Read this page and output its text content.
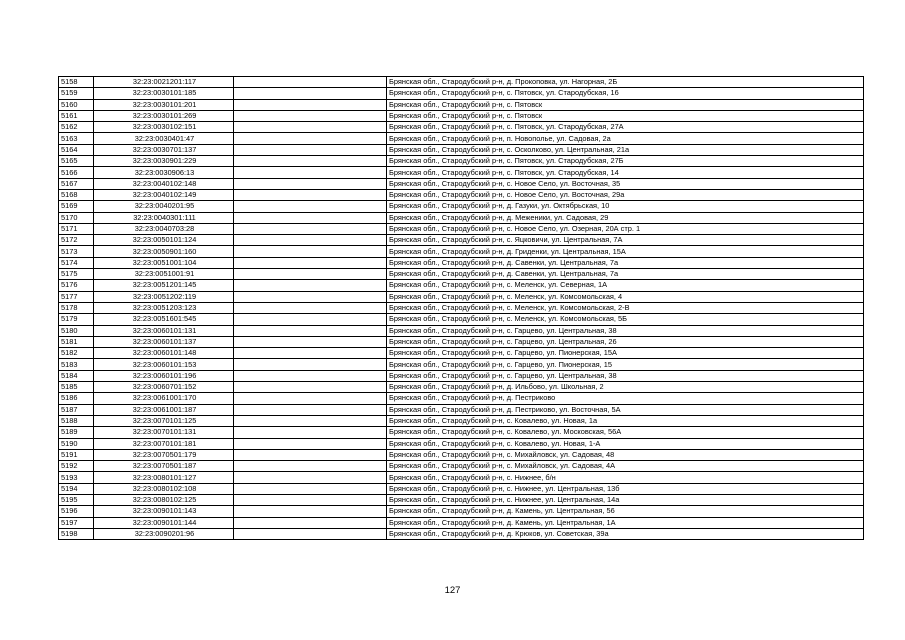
5158	32:23:0021201:117		Брянская обл., Стародубский р-н, д. Прокоповка, ул. Нагорная, 2Б
5159	32:23:0030101:185		Брянская обл., Стародубский р-н, с. Пятовск, ул. Стародубская, 16
5160	32:23:0030101:201		Брянская обл., Стародубский р-н, с. Пятовск
5161	32:23:0030101:269		Брянская обл., Стародубский р-н, с. Пятовск
5162	32:23:0030102:151		Брянская обл., Стародубский р-н, с. Пятовск, ул. Стародубская, 27А
5163	32:23:0030401:47		Брянская обл., Стародубский р-н, п. Новополье, ул. Садовая, 2а
5164	32:23:0030701:137		Брянская обл., Стародубский р-н, с. Осколково, ул. Центральная, 21а
5165	32:23:0030901:229		Брянская обл., Стародубский р-н, с. Пятовск, ул. Стародубская, 27Б
5166	32:23:0030906:13		Брянская обл., Стародубский р-н, с. Пятовск, ул. Стародубская, 14
5167	32:23:0040102:148		Брянская обл., Стародубский р-н, с. Новое Село, ул. Восточная, 35
5168	32:23:0040102:149		Брянская обл., Стародубский р-н, с. Новое Село, ул. Восточная, 29а
5169	32:23:0040201:95		Брянская обл., Стародубский р-н, д. Газуки, ул. Октябрьская, 10
5170	32:23:0040301:111		Брянская обл., Стародубский р-н, д. Меженики, ул. Садовая, 29
5171	32:23:0040703:28		Брянская обл., Стародубский р-н, с. Новое Село, ул. Озерная, 20А стр. 1
5172	32:23:0050101:124		Брянская обл., Стародубский р-н, с. Яцковичи, ул. Центральная, 7А
5173	32:23:0050901:160		Брянская обл., Стародубский р-н, д. Гриденки, ул. Центральная, 15А
5174	32:23:0051001:104		Брянская обл., Стародубский р-н, д. Савенки, ул. Центральная, 7а
5175	32:23:0051001:91		Брянская обл., Стародубский р-н, д. Савенки, ул. Центральная, 7а
5176	32:23:0051201:145		Брянская обл., Стародубский р-н, с. Меленск, ул. Северная, 1А
5177	32:23:0051202:119		Брянская обл., Стародубский р-н, с. Меленск, ул. Комсомольская, 4
5178	32:23:0051203:123		Брянская обл., Стародубский р-н, с. Меленск, ул. Комсомольская, 2-В
5179	32:23:0051601:545		Брянская обл., Стародубский р-н, с. Меленск, ул. Комсомольская, 5Б
5180	32:23:0060101:131		Брянская обл., Стародубский р-н, с. Гарцево, ул. Центральная, 38
5181	32:23:0060101:137		Брянская обл., Стародубский р-н, с. Гарцево, ул. Центральная, 26
5182	32:23:0060101:148		Брянская обл., Стародубский р-н, с. Гарцево, ул. Пионерская, 15А
5183	32:23:0060101:153		Брянская обл., Стародубский р-н, с. Гарцево, ул. Пионерская, 15
5184	32:23:0060101:196		Брянская обл., Стародубский р-н, с. Гарцево, ул. Центральная, 38
5185	32:23:0060701:152		Брянская обл., Стародубский р-н, д. Ильбово, ул. Школьная, 2
5186	32:23:0061001:170		Брянская обл., Стародубский р-н, д. Пестриково
5187	32:23:0061001:187		Брянская обл., Стародубский р-н, д. Пестриково, ул. Восточная, 5А
5188	32:23:0070101:125		Брянская обл., Стародубский р-н, с. Ковалево, ул. Новая, 1а
5189	32:23:0070101:131		Брянская обл., Стародубский р-н, с. Ковалево, ул. Московская, 56А
5190	32:23:0070101:181		Брянская обл., Стародубский р-н, с. Ковалево, ул. Новая, 1-А
5191	32:23:0070501:179		Брянская обл., Стародубский р-н, с. Михайловск, ул. Садовая, 48
5192	32:23:0070501:187		Брянская обл., Стародубский р-н, с. Михайловск, ул. Садовая, 4А
5193	32:23:0080101:127		Брянская обл., Стародубский р-н, с. Нижнее, б/н
5194	32:23:0080102:108		Брянская обл., Стародубский р-н, с. Нижнее, ул. Центральная, 13б
5195	32:23:0080102:125		Брянская обл., Стародубский р-н, с. Нижнее, ул. Центральная, 14а
5196	32:23:0090101:143		Брянская обл., Стародубский р-н, д. Камень, ул. Центральная, 56
5197	32:23:0090101:144		Брянская обл., Стародубский р-н, д. Камень, ул. Центральная, 1А
5198	32:23:0090201:96		Брянская обл., Стародубский р-н, д. Крюков, ул. Советская, 39а
127
